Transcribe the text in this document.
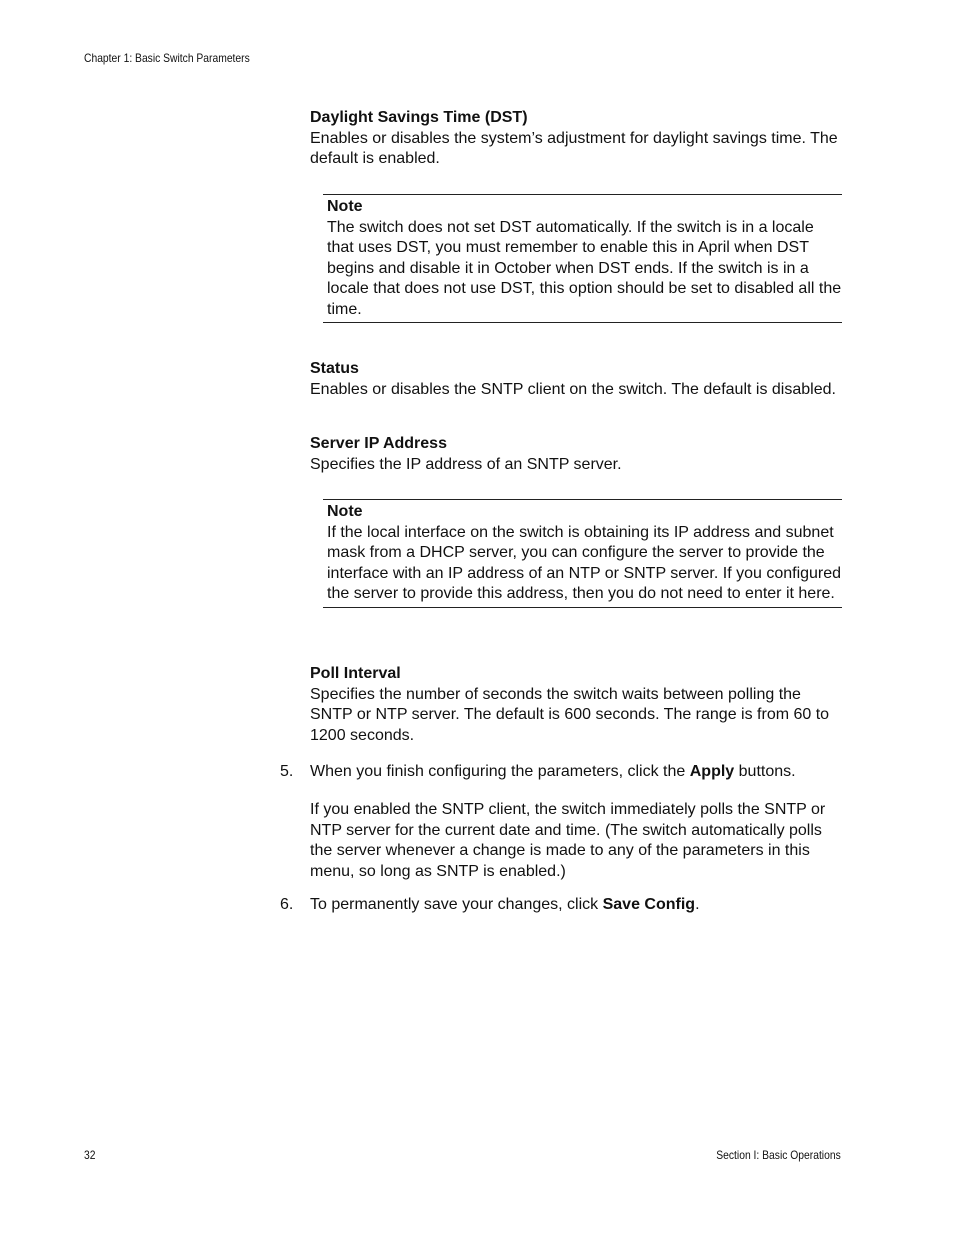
Chapter 1: Basic Switch Parameters
Daylight Savings Time (DST)
Enables or disables the system’s adjustment for daylight savings time. The default is enabled.
Note
The switch does not set DST automatically. If the switch is in a locale that uses DST, you must remember to enable this in April when DST begins and disable it in October when DST ends. If the switch is in a locale that does not use DST, this option should be set to disabled all the time.
Status
Enables or disables the SNTP client on the switch. The default is disabled.
Server IP Address
Specifies the IP address of an SNTP server.
Note
If the local interface on the switch is obtaining its IP address and subnet mask from a DHCP server, you can configure the server to provide the interface with an IP address of an NTP or SNTP server. If you configured the server to provide this address, then you do not need to enter it here.
Poll Interval
Specifies the number of seconds the switch waits between polling the SNTP or NTP server. The default is 600 seconds. The range is from 60 to 1200 seconds.
5. When you finish configuring the parameters, click the Apply buttons.
If you enabled the SNTP client, the switch immediately polls the SNTP or NTP server for the current date and time. (The switch automatically polls the server whenever a change is made to any of the parameters in this menu, so long as SNTP is enabled.)
6. To permanently save your changes, click Save Config.
32	Section I: Basic Operations
